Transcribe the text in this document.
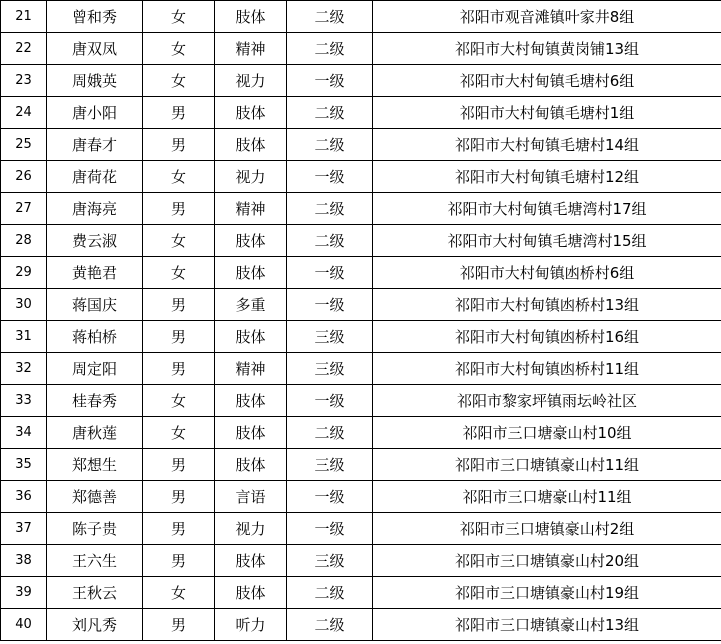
21	曾和秀	女	肢体	二级	祁阳市观音滩镇叶家井8组
22	唐双凤	女	精神	二级	祁阳市大村甸镇黄岗铺13组
23	周娥英	女	视力	一级	祁阳市大村甸镇毛塘村6组
24	唐小阳	男	肢体	二级	祁阳市大村甸镇毛塘村1组
25	唐春才	男	肢体	二级	祁阳市大村甸镇毛塘村14组
26	唐荷花	女	视力	一级	祁阳市大村甸镇毛塘村12组
27	唐海亮	男	精神	二级	祁阳市大村甸镇毛塘湾村17组
28	费云淑	女	肢体	二级	祁阳市大村甸镇毛塘湾村15组
29	黄艳君	女	肢体	一级	祁阳市大村甸镇凼桥村6组
30	蒋国庆	男	多重	一级	祁阳市大村甸镇凼桥村13组
31	蒋柏桥	男	肢体	三级	祁阳市大村甸镇凼桥村16组
32	周定阳	男	精神	三级	祁阳市大村甸镇凼桥村11组
33	桂春秀	女	肢体	一级	祁阳市黎家坪镇雨坛岭社区
34	唐秋莲	女	肢体	二级	祁阳市三口塘豪山村10组
35	郑想生	男	肢体	三级	祁阳市三口塘镇豪山村11组
36	郑德善	男	言语	一级	祁阳市三口塘豪山村11组
37	陈子贵	男	视力	一级	祁阳市三口塘镇豪山村2组
38	王六生	男	肢体	三级	祁阳市三口塘镇豪山村20组
39	王秋云	女	肢体	二级	祁阳市三口塘镇豪山村19组
40	刘凡秀	男	听力	二级	祁阳市三口塘镇豪山村13组
